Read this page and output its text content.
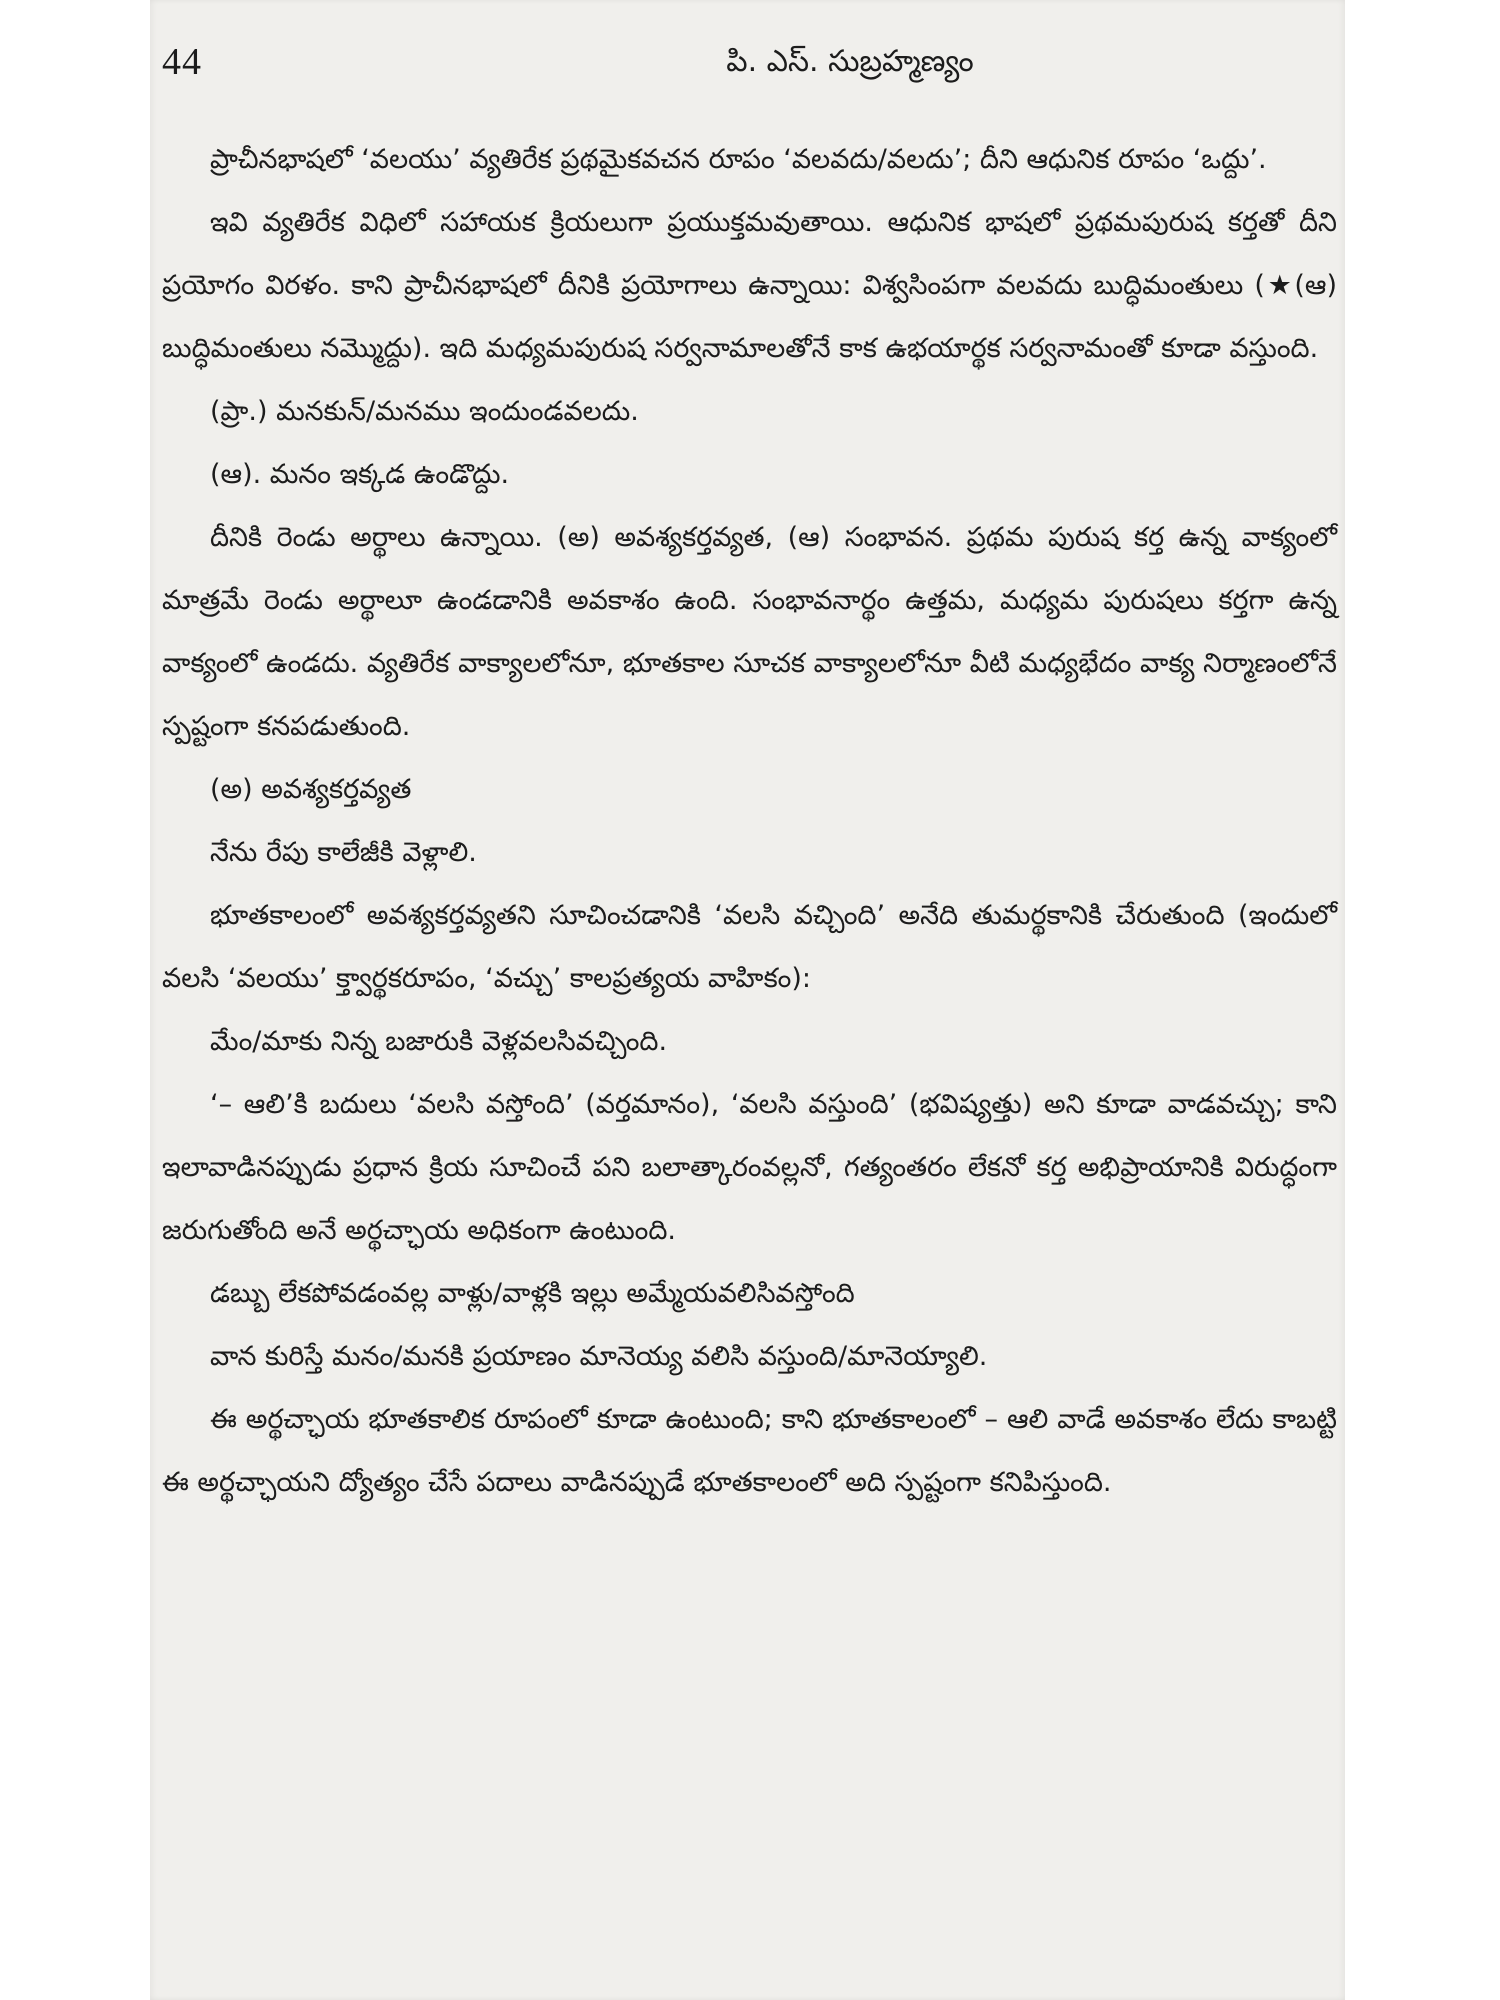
44	పి. ఎస్. సుబ్రహ్మణ్యం

ప్రాచీనభాషలో ‘వలయు’ వ్యతిరేక ప్రథమైకవచన రూపం ‘వలవదు/వలదు’; దీని ఆధునిక రూపం ‘ఒద్దు’.

ఇవి వ్యతిరేక విధిలో సహాయక క్రియలుగా ప్రయుక్తమవుతాయి. ఆధునిక భాషలో ప్రథమపురుష కర్తతో దీని ప్రయోగం విరళం. కాని ప్రాచీనభాషలో దీనికి ప్రయోగాలు ఉన్నాయి: విశ్వసింపగా వలవదు బుద్ధిమంతులు (★(ఆ) బుద్ధిమంతులు నమ్మొద్దు). ఇది మధ్యమపురుష సర్వనామాలతోనే కాక ఉభయార్థక సర్వనామంతో కూడా వస్తుంది.

(ప్రా.) మనకున్/మనము ఇందుండవలదు.

(ఆ). మనం ఇక్కడ ఉండొద్దు.

దీనికి రెండు అర్థాలు ఉన్నాయి. (అ) అవశ్యకర్తవ్యత, (ఆ) సంభావన. ప్రథమ పురుష కర్త ఉన్న వాక్యంలో మాత్రమే రెండు అర్థాలూ ఉండడానికి అవకాశం ఉంది. సంభావనార్థం ఉత్తమ, మధ్యమ పురుషలు కర్తగా ఉన్న వాక్యంలో ఉండదు. వ్యతిరేక వాక్యాలలోనూ, భూతకాల సూచక వాక్యాలలోనూ వీటి మధ్యభేదం వాక్య నిర్మాణంలోనే స్పష్టంగా కనపడుతుంది.

(అ) అవశ్యకర్తవ్యత

నేను రేపు కాలేజీకి వెళ్లాలి.

భూతకాలంలో అవశ్యకర్తవ్యతని సూచించడానికి ‘వలసి వచ్చింది’ అనేది తుమర్థకానికి చేరుతుంది (ఇందులో వలసి ‘వలయు’ క్త్వార్థకరూపం, ‘వచ్చు’ కాలప్రత్యయ వాహికం):

మేం/మాకు నిన్న బజారుకి వెళ్లవలసివచ్చింది.

‘– ఆలి’కి బదులు ‘వలసి వస్తోంది’ (వర్తమానం), ‘వలసి వస్తుంది’ (భవిష్యత్తు) అని కూడా వాడవచ్చు; కాని ఇలావాడినప్పుడు ప్రధాన క్రియ సూచించే పని బలాత్కారంవల్లనో, గత్యంతరం లేకనో కర్త అభిప్రాయానికి విరుద్ధంగా జరుగుతోంది అనే అర్థచ్ఛాయ అధికంగా ఉంటుంది.

డబ్బు లేకపోవడంవల్ల వాళ్లు/వాళ్లకి ఇల్లు అమ్మేయవలిసివస్తోంది

వాన కురిస్తే మనం/మనకి ప్రయాణం మానెయ్య వలిసి వస్తుంది/మానెయ్యాలి.

ఈ అర్థచ్ఛాయ భూతకాలిక రూపంలో కూడా ఉంటుంది; కాని భూతకాలంలో – ఆలి వాడే అవకాశం లేదు కాబట్టి ఈ అర్థచ్ఛాయని ద్యోత్యం చేసే పదాలు వాడినప్పుడే భూతకాలంలో అది స్పష్టంగా కనిపిస్తుంది.
